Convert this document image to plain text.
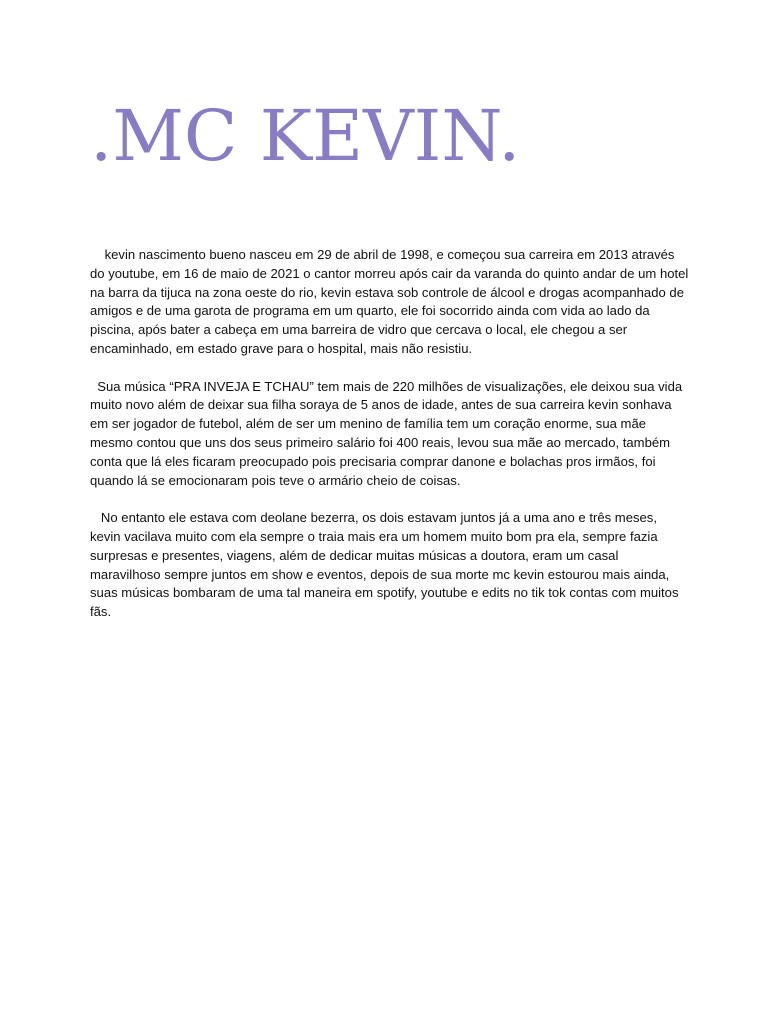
.MC KEVIN.

kevin nascimento bueno nasceu em 29 de abril de 1998, e começou sua carreira em 2013 através do youtube, em 16 de maio de 2021 o cantor morreu após cair da varanda do quinto andar de um hotel na barra da tijuca na zona oeste do rio, kevin estava sob controle de álcool e drogas acompanhado de amigos e de uma garota de programa em um quarto, ele foi socorrido ainda com vida ao lado da piscina, após bater a cabeça em uma barreira de vidro que cercava o local, ele chegou a ser encaminhado, em estado grave para o hospital, mais não resistiu.

Sua música “PRA INVEJA E TCHAU” tem mais de 220 milhões de visualizações, ele deixou sua vida muito novo além de deixar sua filha soraya de 5 anos de idade, antes de sua carreira kevin sonhava em ser jogador de futebol, além de ser um menino de família tem um coração enorme, sua mãe mesmo contou que uns dos seus primeiro salário foi 400 reais, levou sua mãe ao mercado, também conta que lá eles ficaram preocupado pois precisaria comprar danone e bolachas pros irmãos, foi quando lá se emocionaram pois teve o armário cheio de coisas.

No entanto ele estava com deolane bezerra, os dois estavam juntos já a uma ano e três meses, kevin vacilava muito com ela sempre o traia mais era um homem muito bom pra ela, sempre fazia surpresas e presentes, viagens, além de dedicar muitas músicas a doutora, eram um casal maravilhoso sempre juntos em show e eventos, depois de sua morte mc kevin estourou mais ainda, suas músicas bombaram de uma tal maneira em spotify, youtube e edits no tik tok contas com muitos fãs.
